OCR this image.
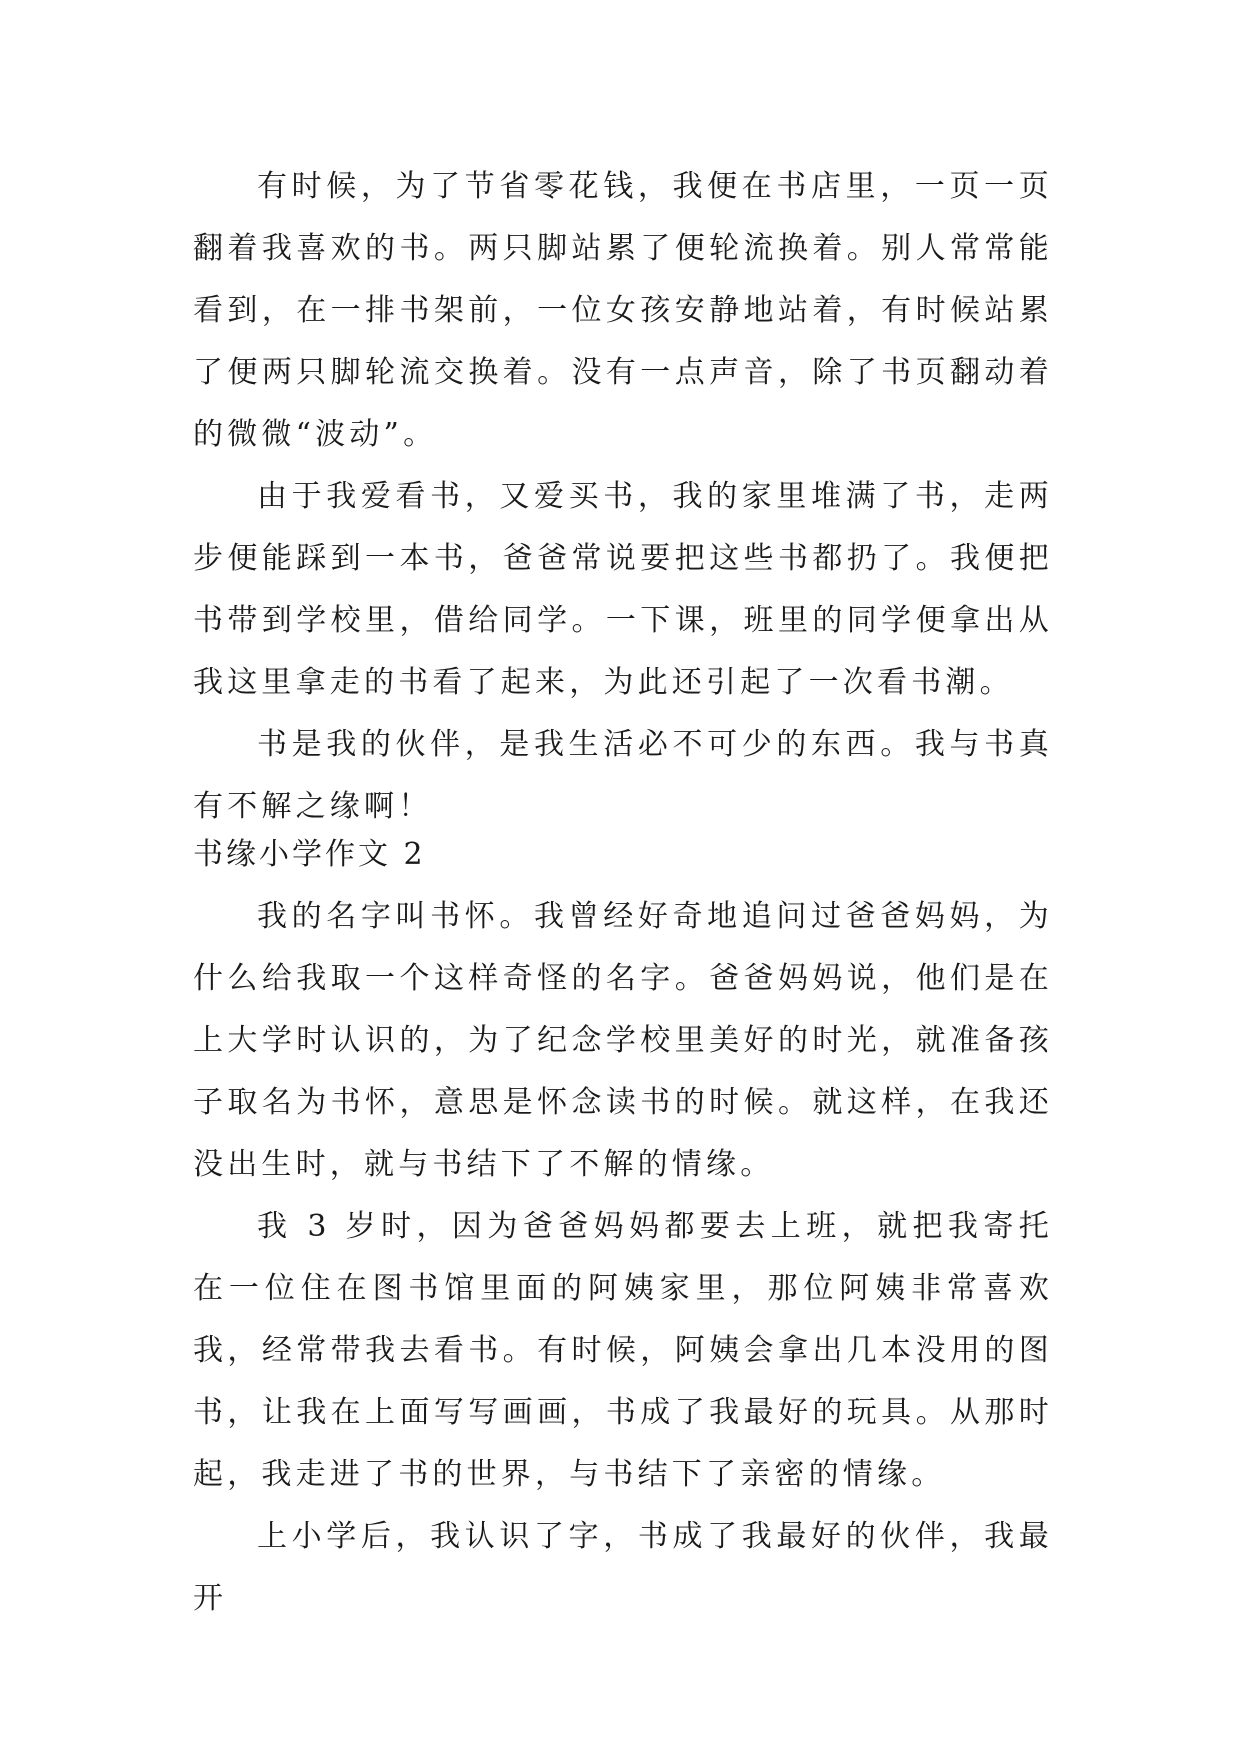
有时候，为了节省零花钱，我便在书店里，一页一页翻着我喜欢的书。两只脚站累了便轮流换着。别人常常能看到，在一排书架前，一位女孩安静地站着，有时候站累了便两只脚轮流交换着。没有一点声音，除了书页翻动着的微微“波动”。

由于我爱看书，又爱买书，我的家里堆满了书，走两步便能踩到一本书，爸爸常说要把这些书都扔了。我便把书带到学校里，借给同学。一下课，班里的同学便拿出从我这里拿走的书看了起来，为此还引起了一次看书潮。

书是我的伙伴，是我生活必不可少的东西。我与书真有不解之缘啊！

书缘小学作文 2

我的名字叫书怀。我曾经好奇地追问过爸爸妈妈，为什么给我取一个这样奇怪的名字。爸爸妈妈说，他们是在上大学时认识的，为了纪念学校里美好的时光，就准备孩子取名为书怀，意思是怀念读书的时候。就这样，在我还没出生时，就与书结下了不解的情缘。

我 3 岁时，因为爸爸妈妈都要去上班，就把我寄托在一位住在图书馆里面的阿姨家里，那位阿姨非常喜欢我，经常带我去看书。有时候，阿姨会拿出几本没用的图书，让我在上面写写画画，书成了我最好的玩具。从那时起，我走进了书的世界，与书结下了亲密的情缘。

上小学后，我认识了字，书成了我最好的伙伴，我最开
